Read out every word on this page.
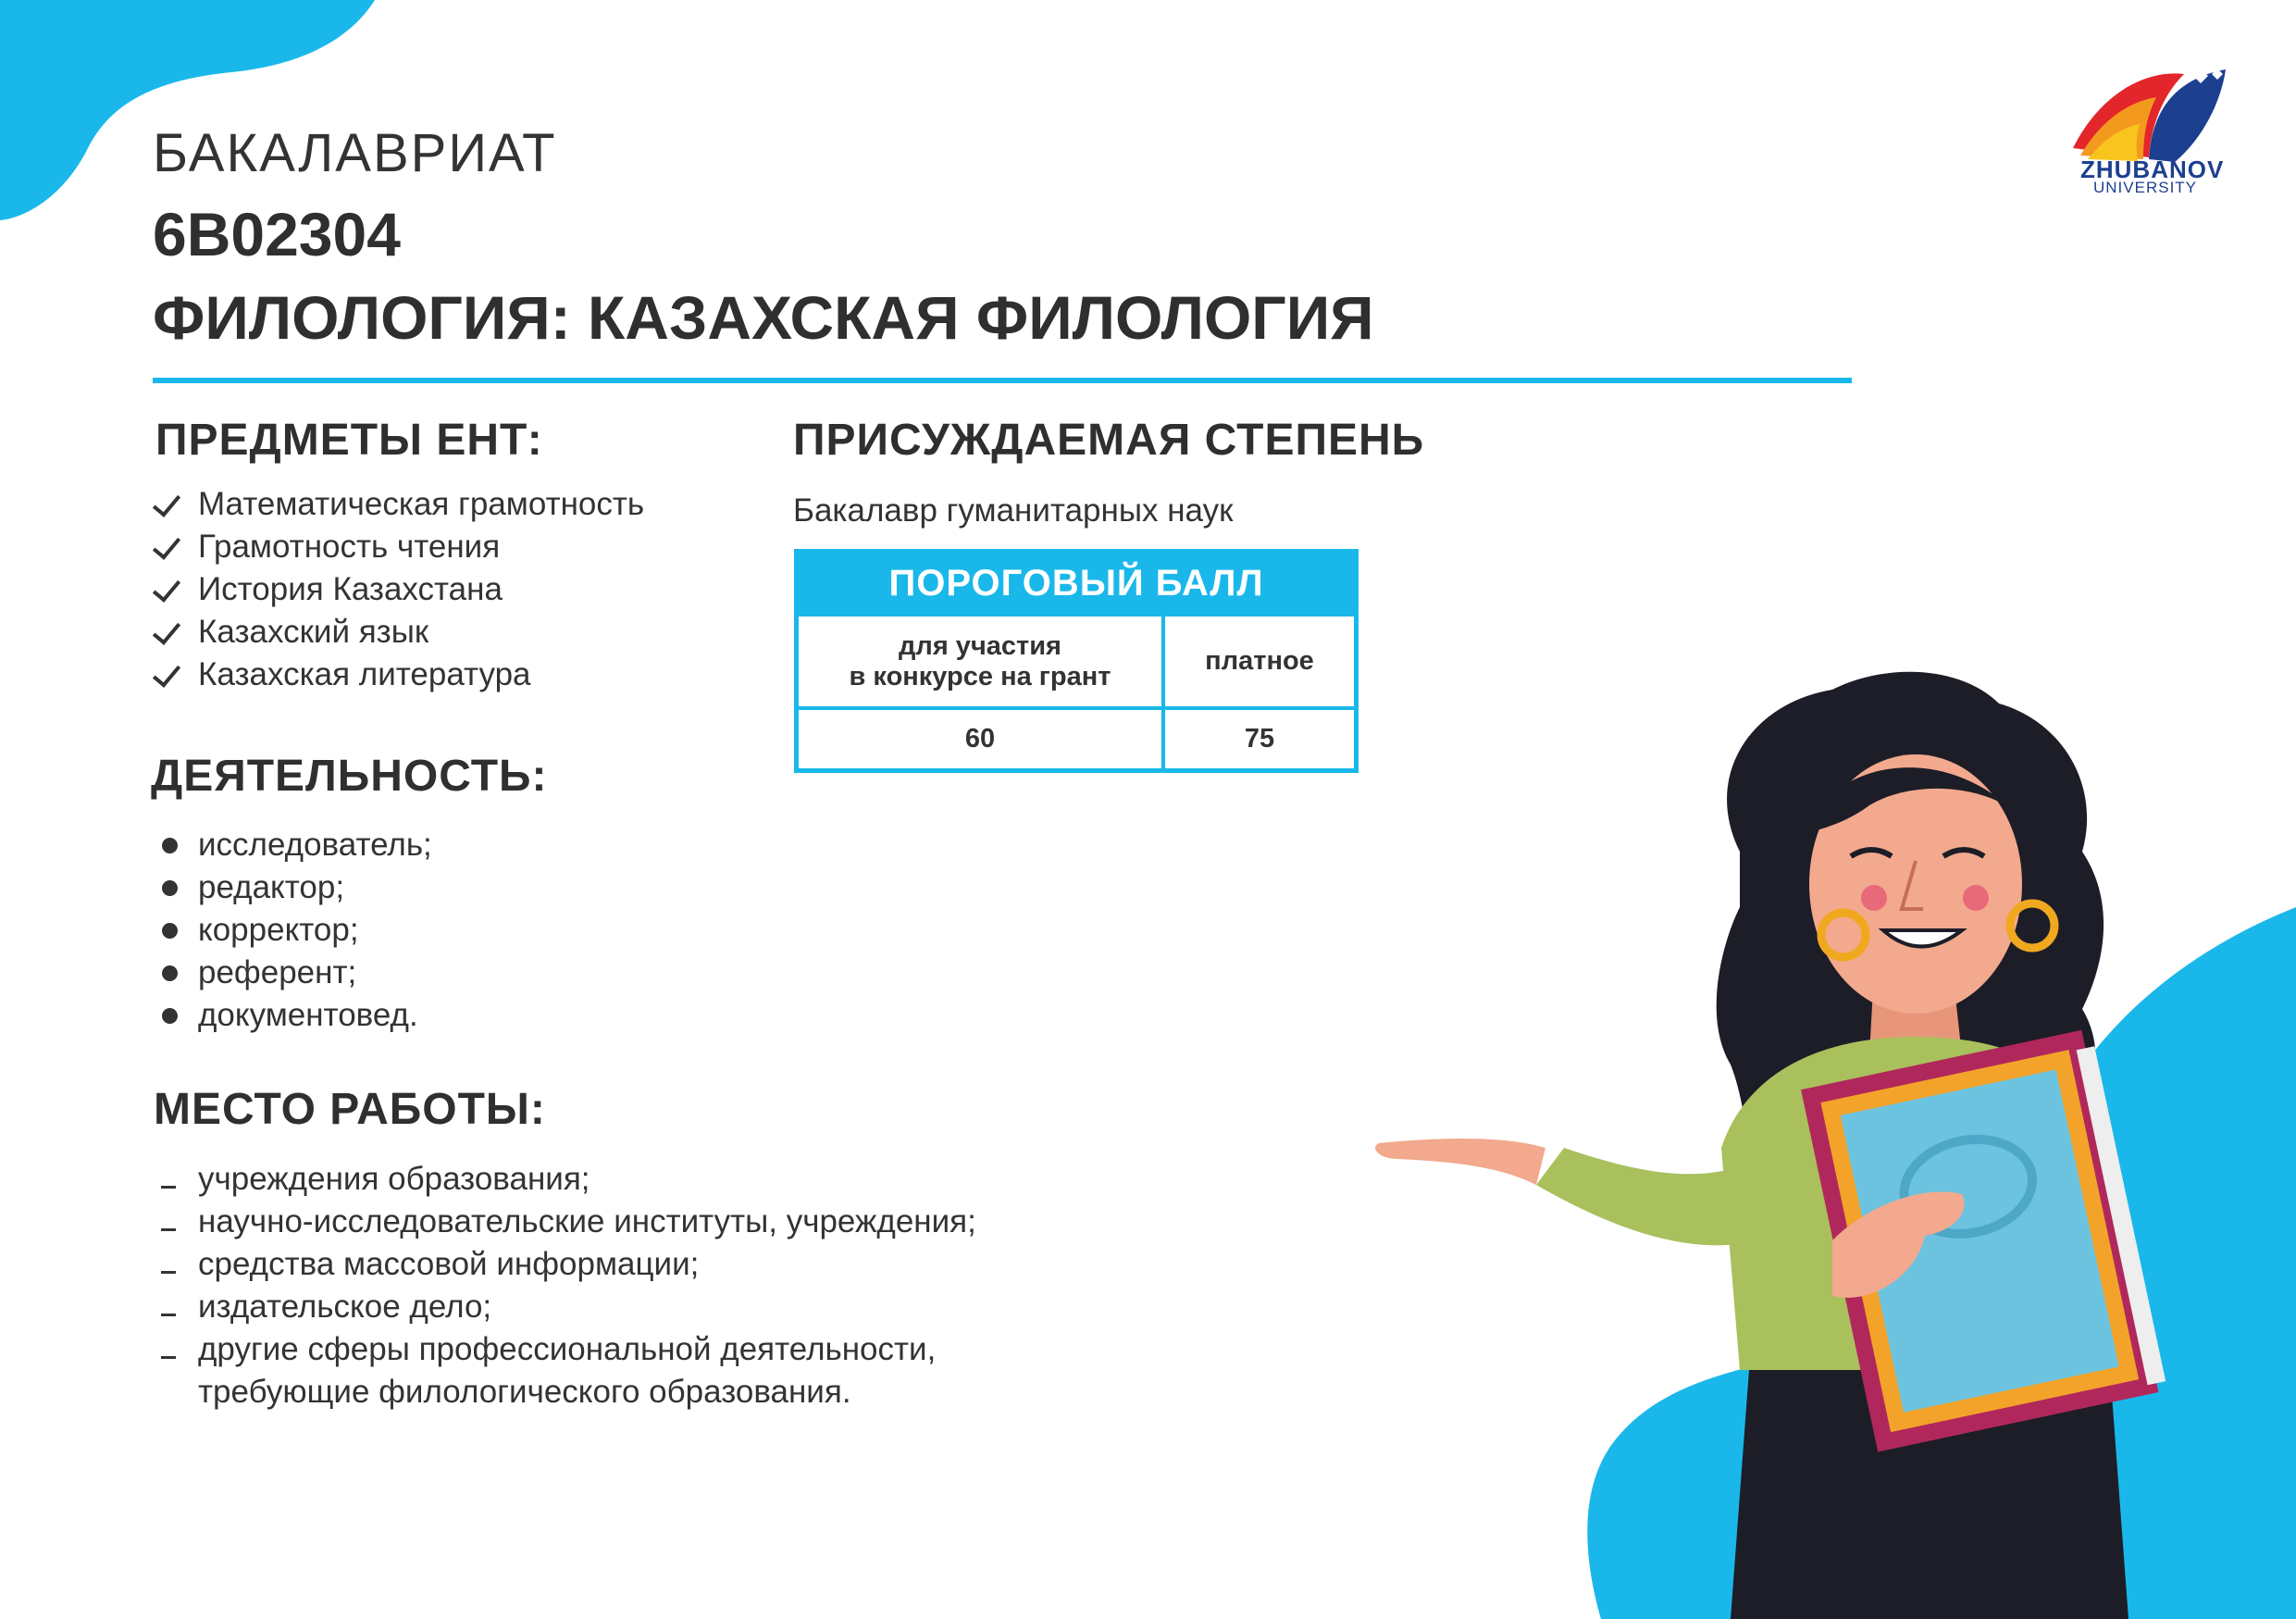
БАКАЛАВРИАТ
6B02304
ФИЛОЛОГИЯ: КАЗАХСКАЯ ФИЛОЛОГИЯ
ZHUBANOV
UNIVERSITY
ПРЕДМЕТЫ ЕНТ:
Математическая грамотность
Грамотность чтения
История Казахстана
Казахский язык
Казахская литература
ПРИСУЖДАЕМАЯ СТЕПЕНЬ
Бакалавр гуманитарных наук
ПОРОГОВЫЙ БАЛЛ
для участия
в конкурсе на грант
платное
60	75
ДЕЯТЕЛЬНОСТЬ:
исследователь;
редактор;
корректор;
референт;
документовед.
МЕСТО РАБОТЫ:
учреждения образования;
научно-исследовательские институты, учреждения;
средства массовой информации;
издательское дело;
другие сферы профессиональной деятельности,
требующие филологического образования.
